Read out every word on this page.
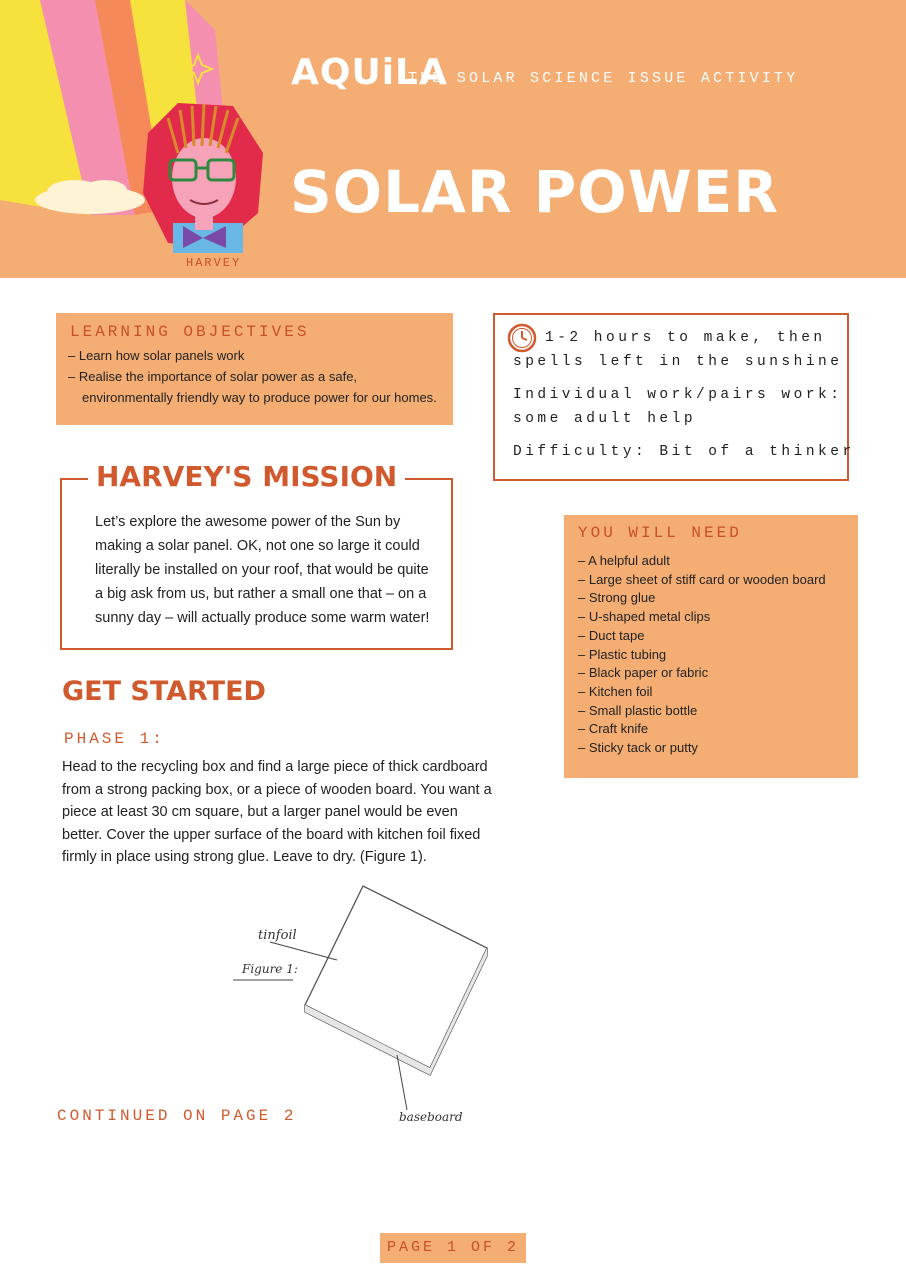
AQUiLA
THE SOLAR SCIENCE ISSUE ACTIVITY
SOLAR POWER
HARVEY
LEARNING OBJECTIVES
– Learn how solar panels work
– Realise the importance of solar power as a safe, environmentally friendly way to produce power for our homes.
1-2 hours to make, then
spells left in the sunshine
Individual work/pairs work:
some adult help
Difficulty: Bit of a thinker
HARVEY'S MISSION
Let’s explore the awesome power of the Sun by making a solar panel. OK, not one so large it could literally be installed on your roof, that would be quite a big ask from us, but rather a small one that – on a sunny day – will actually produce some warm water!
YOU WILL NEED
– A helpful adult
– Large sheet of stiff card or wooden board
– Strong glue
– U-shaped metal clips
– Duct tape
– Plastic tubing
– Black paper or fabric
– Kitchen foil
– Small plastic bottle
– Craft knife
– Sticky tack or putty
GET STARTED
PHASE 1:
Head to the recycling box and find a large piece of thick cardboard from a strong packing box, or a piece of wooden board. You want a piece at least 30 cm square, but a larger panel would be even better. Cover the upper surface of the board with kitchen foil fixed firmly in place using strong glue. Leave to dry. (Figure 1).
tinfoil
Figure 1:
baseboard
CONTINUED ON PAGE 2
PAGE 1 OF 2
